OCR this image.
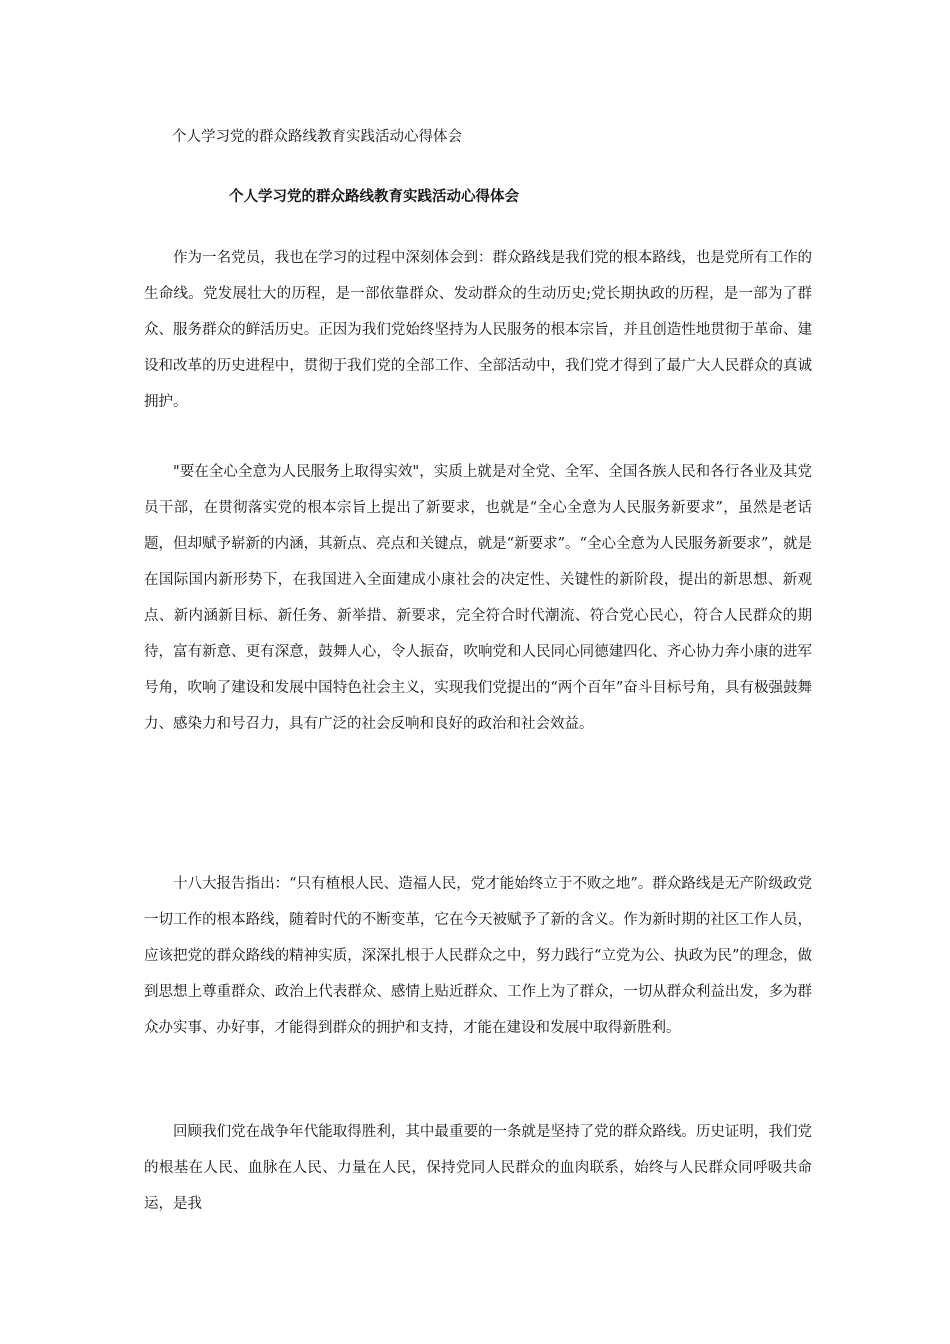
个人学习党的群众路线教育实践活动心得体会
个人学习党的群众路线教育实践活动心得体会

作为一名党员，我也在学习的过程中深刻体会到：群众路线是我们党的根本路线，也是党所有工作的生命线。党发展壮大的历程，是一部依靠群众、发动群众的生动历史;党长期执政的历程，是一部为了群众、服务群众的鲜活历史。正因为我们党始终坚持为人民服务的根本宗旨，并且创造性地贯彻于革命、建设和改革的历史进程中，贯彻于我们党的全部工作、全部活动中，我们党才得到了最广大人民群众的真诚拥护。

"要在全心全意为人民服务上取得实效"，实质上就是对全党、全军、全国各族人民和各行各业及其党员干部，在贯彻落实党的根本宗旨上提出了新要求，也就是“全心全意为人民服务新要求”，虽然是老话题，但却赋予崭新的内涵，其新点、亮点和关键点，就是“新要求”。“全心全意为人民服务新要求”，就是在国际国内新形势下，在我国进入全面建成小康社会的决定性、关键性的新阶段，提出的新思想、新观点、新内涵新目标、新任务、新举措、新要求，完全符合时代潮流、符合党心民心，符合人民群众的期待，富有新意、更有深意，鼓舞人心，令人振奋，吹响党和人民同心同德建四化、齐心协力奔小康的进军号角，吹响了建设和发展中国特色社会主义，实现我们党提出的“两个百年”奋斗目标号角，具有极强鼓舞力、感染力和号召力，具有广泛的社会反响和良好的政治和社会效益。

十八大报告指出：“只有植根人民、造福人民，党才能始终立于不败之地”。群众路线是无产阶级政党一切工作的根本路线，随着时代的不断变革，它在今天被赋予了新的含义。作为新时期的社区工作人员，应该把党的群众路线的精神实质，深深扎根于人民群众之中，努力践行“立党为公、执政为民”的理念，做到思想上尊重群众、政治上代表群众、感情上贴近群众、工作上为了群众，一切从群众利益出发，多为群众办实事、办好事，才能得到群众的拥护和支持，才能在建设和发展中取得新胜利。

回顾我们党在战争年代能取得胜利，其中最重要的一条就是坚持了党的群众路线。历史证明，我们党的根基在人民、血脉在人民、力量在人民，保持党同人民群众的血肉联系，始终与人民群众同呼吸共命运，是我
